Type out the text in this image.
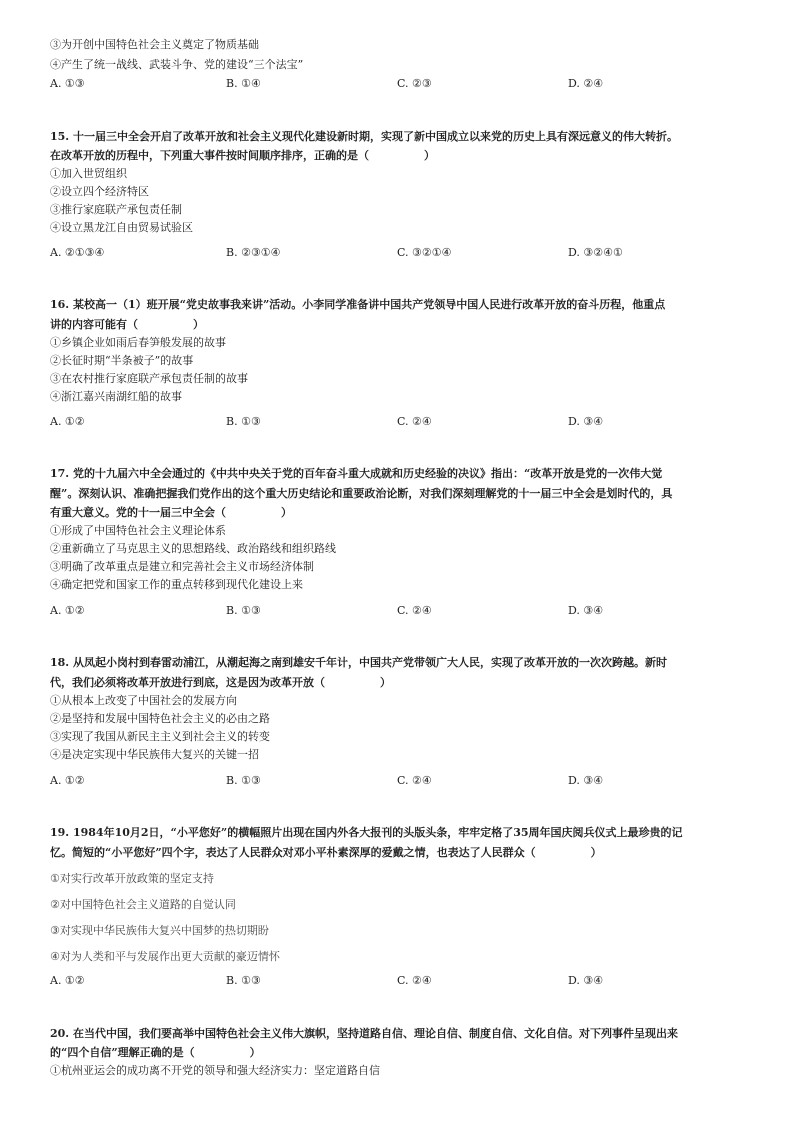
③为开创中国特色社会主义奠定了物质基础
④产生了统一战线、武装斗争、党的建设“三个法宝”
A. ①③	B. ①④	C. ②③	D. ②④
15. 十一届三中全会开启了改革开放和社会主义现代化建设新时期，实现了新中国成立以来党的历史上具有深远意义的伟大转折。
在改革开放的历程中，下列重大事件按时间顺序排序，正确的是（　　　　　）
①加入世贸组织
②设立四个经济特区
③推行家庭联产承包责任制
④设立黑龙江自由贸易试验区
A. ②①③④	B. ②③①④	C. ③②①④	D. ③②④①
16. 某校高一（1）班开展“党史故事我来讲”活动。小李同学准备讲中国共产党领导中国人民进行改革开放的奋斗历程，他重点
讲的内容可能有（　　　　　）
①乡镇企业如雨后春笋般发展的故事
②长征时期“半条被子”的故事
③在农村推行家庭联产承包责任制的故事
④浙江嘉兴南湖红船的故事
A. ①②	B. ①③	C. ②④	D. ③④
17. 党的十九届六中全会通过的《中共中央关于党的百年奋斗重大成就和历史经验的决议》指出：“改革开放是党的一次伟大觉
醒”。深刻认识、准确把握我们党作出的这个重大历史结论和重要政治论断，对我们深刻理解党的十一届三中全会是划时代的，具
有重大意义。党的十一届三中全会（　　　　　）
①形成了中国特色社会主义理论体系
②重新确立了马克思主义的思想路线、政治路线和组织路线
③明确了改革重点是建立和完善社会主义市场经济体制
④确定把党和国家工作的重点转移到现代化建设上来
A. ①②	B. ①③	C. ②④	D. ③④
18. 从凤起小岗村到春雷动浦江，从潮起海之南到雄安千年计，中国共产党带领广大人民，实现了改革开放的一次次跨越。新时
代，我们必须将改革开放进行到底，这是因为改革开放（　　　　　）
①从根本上改变了中国社会的发展方向
②是坚持和发展中国特色社会主义的必由之路
③实现了我国从新民主主义到社会主义的转变
④是决定实现中华民族伟大复兴的关键一招
A. ①②	B. ①③	C. ②④	D. ③④
19. 1984年10月2日，“小平您好”的横幅照片出现在国内外各大报刊的头版头条，牢牢定格了35周年国庆阅兵仪式上最珍贵的记
忆。简短的“小平您好”四个字，表达了人民群众对邓小平朴素深厚的爱戴之情，也表达了人民群众（　　　　　）
①对实行改革开放政策的坚定支持
②对中国特色社会主义道路的自觉认同
③对实现中华民族伟大复兴中国梦的热切期盼
④对为人类和平与发展作出更大贡献的豪迈情怀
A. ①②	B. ①③	C. ②④	D. ③④
20. 在当代中国，我们要高举中国特色社会主义伟大旗帜，坚持道路自信、理论自信、制度自信、文化自信。对下列事件呈现出来
的“四个自信”理解正确的是（　　　　　）
①杭州亚运会的成功离不开党的领导和强大经济实力：坚定道路自信
